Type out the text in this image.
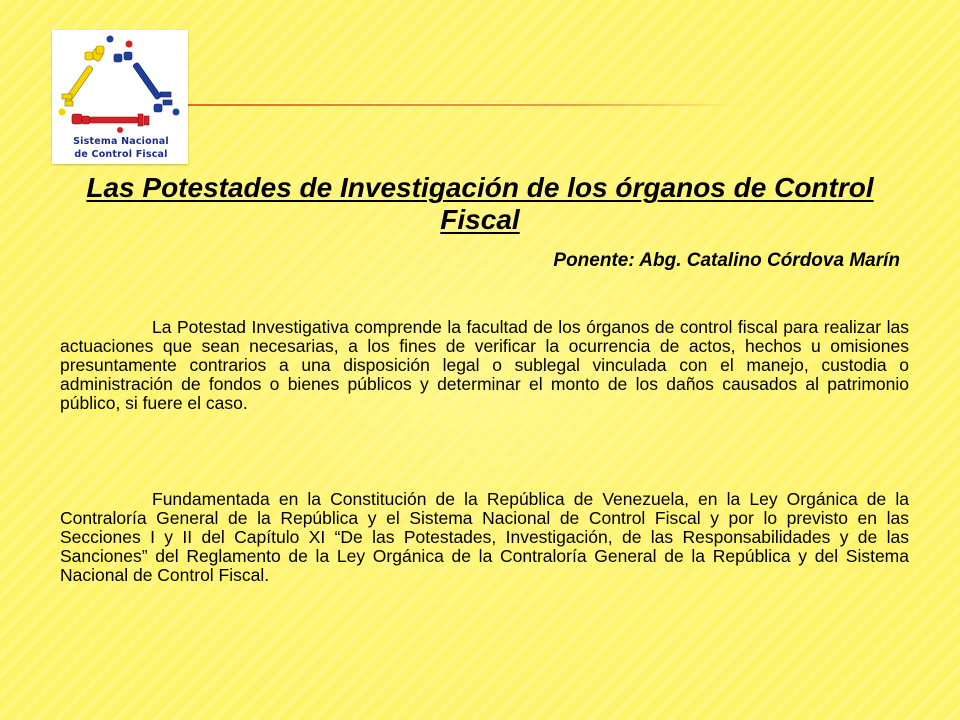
Sistema Nacional
de Control Fiscal
Las Potestades de Investigación de los órganos de Control Fiscal
Ponente: Abg. Catalino Córdova Marín

La Potestad Investigativa comprende la facultad de los órganos de control fiscal para realizar las actuaciones que sean necesarias, a los fines de verificar la ocurrencia de actos, hechos u omisiones presuntamente contrarios a una disposición legal o sublegal vinculada con el manejo, custodia o administración de fondos o bienes públicos y determinar el monto de los daños causados al patrimonio público, si fuere el caso.

Fundamentada en la Constitución de la República de Venezuela, en la Ley Orgánica de la Contraloría General de la República y el Sistema Nacional de Control Fiscal y por lo previsto en las Secciones I y II del Capítulo XI “De las Potestades, Investigación, de las Responsabilidades y de las Sanciones” del Reglamento de la Ley Orgánica de la Contraloría General de la República y del Sistema Nacional de Control Fiscal.
